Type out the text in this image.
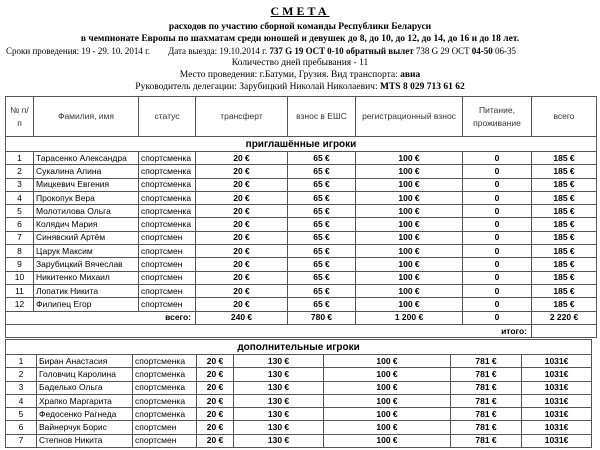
СМЕТА
расходов по участию сборной команды Республики Беларуси
в чемпионате Европы по шахматам среди юношей и девушек до 8, до 10, до 12, до 14, до 16 и до 18 лет.
Сроки проведения: 19 - 29. 10. 2014 г. Дата выезда: 19.10.2014 г. 737 G 19 OCT 0-10 обратный вылет 738 G 29 OCT 04-50 06-35
Количество дней пребывания - 11
Место проведения: г.Батуми, Грузия. Вид транспорта: авиа
Руководитель делегации: Зарубицкий Николай Николаевич: MTS 8 029 713 61 62
№ п/п	Фамилия, имя	статус	трансферт	взнос в ЕШС	регистрационный взнос	Питание, проживание	всего
приглашённые игроки							
1	Тарасенко Александра	спортсменка	20 €	65 €	100 €	0	185 €
2	Сукалина Алина	спортсменка	20 €	65 €	100 €	0	185 €
3	Мицкевич Евгения	спортсменка	20 €	65 €	100 €	0	185 €
4	Прокопук Вера	спортсменка	20 €	65 €	100 €	0	185 €
5	Молотилова Ольга	спортсменка	20 €	65 €	100 €	0	185 €
6	Колядич Мария	спортсменка	20 €	65 €	100 €	0	185 €
7	Синявский Артём	спортсмен	20 €	65 €	100 €	0	185 €
8	Царук Максим	спортсмен	20 €	65 €	100 €	0	185 €
9	Зарубицкий Вячеслав	спортсмен	20 €	65 €	100 €	0	185 €
10	Никитенко Михаил	спортсмен	20 €	65 €	100 €	0	185 €
11	Лопатик Никита	спортсмен	20 €	65 €	100 €	0	185 €
12	Филипец Егор	спортсмен	20 €	65 €	100 €	0	185 €
всего:			240 €	780 €	1 200 €	0	2 220 €
итого:							
дополнительные игроки							
1	Биран Анастасия	спортсменка	20 €	130 €	100 €	781 €	1031€
2	Головчиц Каролина	спортсменка	20 €	130 €	100 €	781 €	1031€
3	Баделько Ольга	спортсменка	20 €	130 €	100 €	781 €	1031€
4	Храпко Маргарита	спортсменка	20 €	130 €	100 €	781 €	1031€
5	Федосенко Рагнеда	спортсменка	20 €	130 €	100 €	781 €	1031€
6	Вайнерчук Борис	спортсмен	20 €	130 €	100 €	781 €	1031€
7	Степнов Никита	спортсмен	20 €	130 €	100 €	781 €	1031€
